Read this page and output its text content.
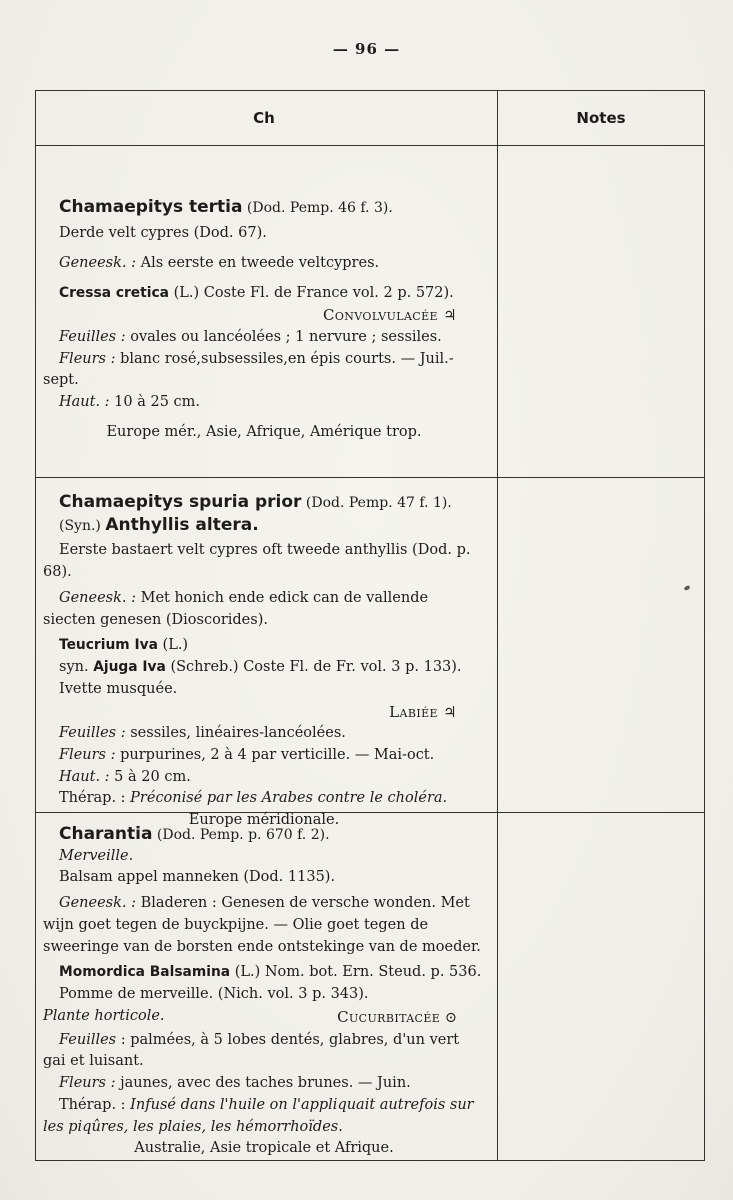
— 96 —
Ch	Notes
Chamaepitys tertia (Dod. Pemp. 46 f. 3).

Derde velt cypres (Dod. 67).

Geneesk. : Als eerste en tweede veltcypres.

Cressa cretica (L.) Coste Fl. de France vol. 2 p. 572).

Convolvulacée ♃

Feuilles : ovales ou lancéolées ; 1 nervure ; sessiles.

Fleurs : blanc rosé,subsessiles,en épis courts. — Juil.-sept.

Haut. : 10 à 25 cm.

Europe mér., Asie, Afrique, Amérique trop.

Chamaepitys spuria prior (Dod. Pemp. 47 f. 1).
(Syn.) Anthyllis altera.

Eerste bastaert velt cypres oft tweede anthyllis (Dod. p. 68).

Geneesk. : Met honich ende edick can de vallende siecten genesen (Dioscorides).

Teucrium Iva (L.)

syn. Ajuga Iva (Schreb.) Coste Fl. de Fr. vol. 3 p. 133).

Ivette musquée.

Labiée ♃

Feuilles : sessiles, linéaires-lancéolées.

Fleurs : purpurines, 2 à 4 par verticille. — Mai-oct.

Haut. : 5 à 20 cm.

Thérap. : Préconisé par les Arabes contre le choléra.

Europe méridionale.

Charantia (Dod. Pemp. p. 670 f. 2).

Merveille.

Balsam appel manneken (Dod. 1135).

Geneesk. : Bladeren : Genesen de versche wonden. Met wijn goet tegen de buyckpijne. — Olie goet tegen de sweeringe van de borsten ende ontstekinge van de moeder.

Momordica Balsamina (L.) Nom. bot. Ern. Steud. p. 536.

Pomme de merveille. (Nich. vol. 3 p. 343).

Plante horticole.	Cucurbitacée ⊙

Feuilles : palmées, à 5 lobes dentés, glabres, d'un vert gai et luisant.

Fleurs : jaunes, avec des taches brunes. — Juin.

Thérap. : Infusé dans l'huile on l'appliquait autrefois sur les piqûres, les plaies, les hémorrhoïdes.

Australie, Asie tropicale et Afrique.
